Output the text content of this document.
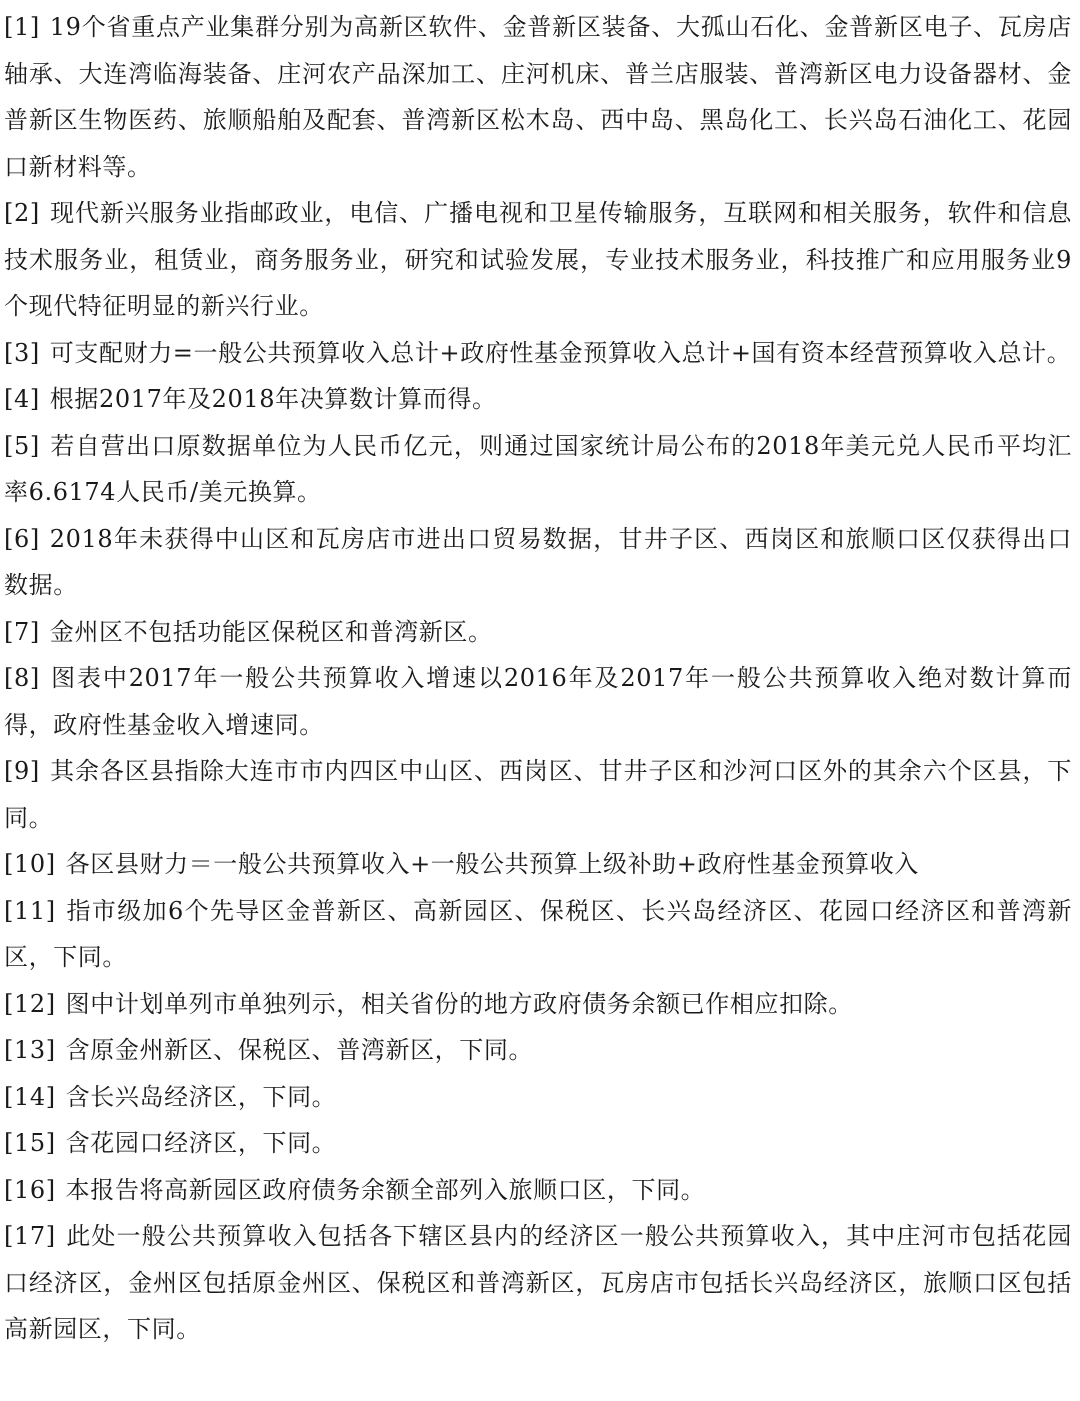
[1] 19个省重点产业集群分别为高新区软件、金普新区装备、大孤山石化、金普新区电子、瓦房店轴承、大连湾临海装备、庄河农产品深加工、庄河机床、普兰店服装、普湾新区电力设备器材、金普新区生物医药、旅顺船舶及配套、普湾新区松木岛、西中岛、黑岛化工、长兴岛石油化工、花园口新材料等。

[2] 现代新兴服务业指邮政业，电信、广播电视和卫星传输服务，互联网和相关服务，软件和信息技术服务业，租赁业，商务服务业，研究和试验发展，专业技术服务业，科技推广和应用服务业9个现代特征明显的新兴行业。

[3] 可支配财力=一般公共预算收入总计+政府性基金预算收入总计+国有资本经营预算收入总计。

[4] 根据2017年及2018年决算数计算而得。

[5] 若自营出口原数据单位为人民币亿元，则通过国家统计局公布的2018年美元兑人民币平均汇率6.6174人民币/美元换算。

[6] 2018年未获得中山区和瓦房店市进出口贸易数据，甘井子区、西岗区和旅顺口区仅获得出口数据。

[7] 金州区不包括功能区保税区和普湾新区。

[8] 图表中2017年一般公共预算收入增速以2016年及2017年一般公共预算收入绝对数计算而得，政府性基金收入增速同。

[9] 其余各区县指除大连市市内四区中山区、西岗区、甘井子区和沙河口区外的其余六个区县，下同。

[10] 各区县财力＝一般公共预算收入+一般公共预算上级补助+政府性基金预算收入

[11] 指市级加6个先导区金普新区、高新园区、保税区、长兴岛经济区、花园口经济区和普湾新区，下同。

[12] 图中计划单列市单独列示，相关省份的地方政府债务余额已作相应扣除。

[13] 含原金州新区、保税区、普湾新区，下同。

[14] 含长兴岛经济区，下同。

[15] 含花园口经济区，下同。

[16] 本报告将高新园区政府债务余额全部列入旅顺口区，下同。

[17] 此处一般公共预算收入包括各下辖区县内的经济区一般公共预算收入，其中庄河市包括花园口经济区，金州区包括原金州区、保税区和普湾新区，瓦房店市包括长兴岛经济区，旅顺口区包括高新园区，下同。
